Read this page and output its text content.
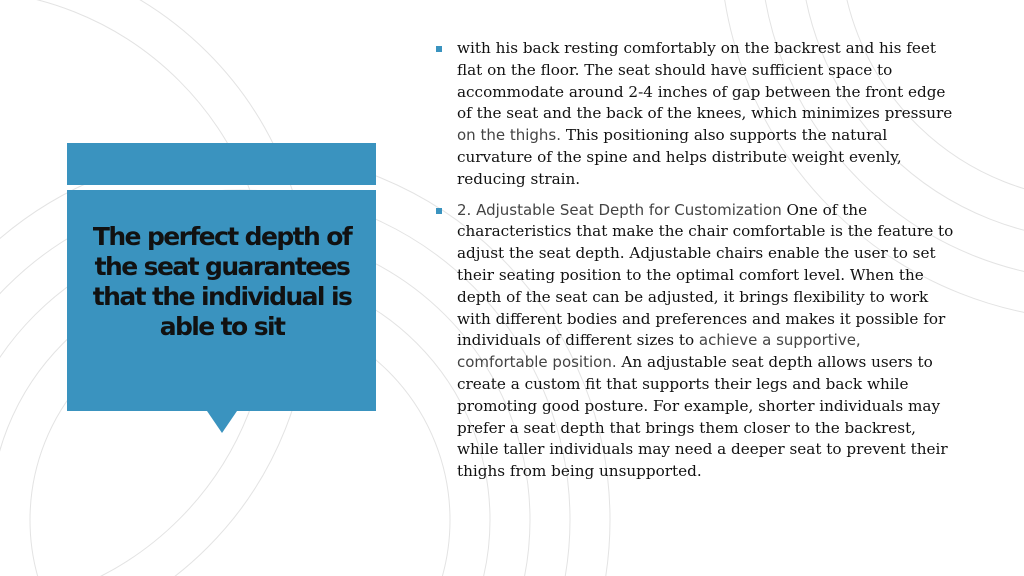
The perfect depth of the seat guarantees that the individual is able to sit
with his back resting comfortably on the backrest and his feet flat on the floor. The seat should have sufficient space to accommodate around 2-4 inches of gap between the front edge of the seat and the back of the knees, which minimizes pressure on the thighs. This positioning also supports the natural curvature of the spine and helps distribute weight evenly, reducing strain.
2. Adjustable Seat Depth for Customization One of the characteristics that make the chair comfortable is the feature to adjust the seat depth. Adjustable chairs enable the user to set their seating position to the optimal comfort level. When the depth of the seat can be adjusted, it brings flexibility to work with different bodies and preferences and makes it possible for individuals of different sizes to achieve a supportive, comfortable position. An adjustable seat depth allows users to create a custom fit that supports their legs and back while promoting good posture. For example, shorter individuals may prefer a seat depth that brings them closer to the backrest, while taller individuals may need a deeper seat to prevent their thighs from being unsupported.
